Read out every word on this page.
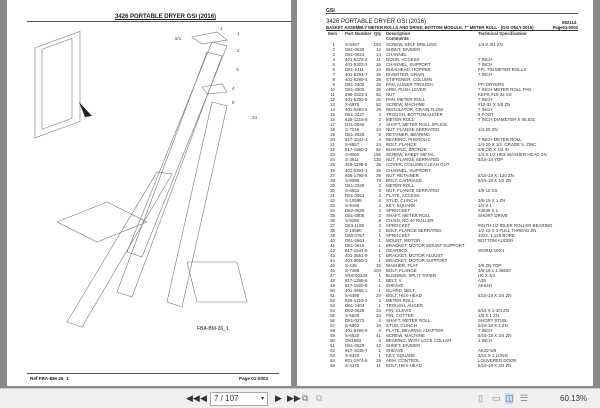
3426 PORTABLE DRYER GSI (2016)
1
1
2
3
4
5
6/1
24
FBA-BM-26_1
Ref FBA-BM-26_1	Page 01-0003
GSI
3426 PORTABLE DRYER GSI (2016)	692114
BASKET ASSEMBLY METER ROLLS AND DRIVE, BOTTOM MODULE, 7" METER ROLL - (GSI ONLY-2016)	Page01-0003
Item Part Number Qty Description	Technical Specification
Comments
1 S-6497	153 SCREW, SELF DRILLING	1/4 X 3/4 ZN
2 D61-0626	12 SHEET, DIVIDER
3 D61-0624	14 CHANNEL
4 401-5376-2	11 DOOR, ACCESS	7 INCH
5 401-5303-3	26 CHANNEL, SUPPORT	7 INCH
6 D61-2411	24 BULKHEAD, HOPPER	FFI, 7IN METER ROLLS
7 401-5294-7	26 DIVERTER, GRAIN	7 INCH
8 401-5289-4	26 STIFFENER, COLUMN
9 D61-2406	26 PAN, AUGER TROUGH	FFI DRYERS
10 D61-2605	26 ARM, PUSH LEVER	7 INCH METER ROLL PAN
11 898-1523-3	52 NUT	KEPS #10-32 SS
12 401-5292-8	26 PAN, METER ROLL	7 INCH
13 S-6975	52 SCREW, MACHINE	#10-32 X 3/8 ZN
14 401-5293-6	26 REGULATOR, GRAIN FLOW	7 INCH
15 D61-2427	2 TROUGH, BOTTOM AUGER	8 FOOT
16 825-1216-8	2 METER ROLL	7 INCH DIAMETER X 95.831
17 D31-0846	4 SHAFT, METER ROLL SPLICE
18 S-7215	24 NUT, FLANGE SERRATED	1/4-20 ZN
19 D61-2828	8 RETAINER, BEARING
20 817-1542-4	4 BEARING, PHENOLIC	7 INCH METER ROLL
21 S-8857	24 BOLT, FLANGE	1/4-20 X 1/2, GRADE 5, ZINC
22 817-1550-3	52 BUSHING, BRONZE	5/8 OD X 1/4 ID
23 S-8060	156 SCREW, SHEET METAL	1/4 X 1/2 HEX WASHER HEAD ZN
24 S-3611	130 NUT, FLANGE SERRATED	5/16-18 YDP
25 329-1196-8	26 COVER, COLUMN CLEAN OUT
26 401-5304-1	26 CHANNEL, SUPPORT
27 856-1795-6	26 NUT, RETAINER	5/16-18 X .120 ZN
28 S-9089	78 BOLT, CARRIAGE	5/16-18 X 1/2 ZN
29 D61-2349	2 METER ROLL
30 S-6632	8 NUT, FLANGE SERRATED	3/8-16 SS
31 D61-0953	2 PLATE, ACCESS
32 S-10598	8 STUD, CLINCH	3/8-16 X 1 ZN
33 S-9168	2 KEY, SQUARE	1/4 X 1
34 D62-0629	2 SPROCKET	#4036 X 1
35 D61-0806	2 SHAFT, METER ROLL	SHORT DRIVE
36 S-9250	8 CHAIN, NO 40 ROLLER
37 D63-1188	3 SPROCKET	#817H-1/2 IDLER ROLLER BEARING
38 S-10580	2 BOLT, FLANGE SERRATED	1/2-13 X 3 FULL THREAD ZN
39 D60-0767	1 SPROCKET	4022, 1.125 BORE
40 D61-0661	1 MOUNT, MOTOR	BOTTOM AUGER
41 D61-0616	1 BRACKET, MOTOR MOUNT SUPPORT
42 817-1544-6	1 GEARBOX	WORM 100:1
43 401-3661-9	1 BRACKET, MOTOR ADJUST
44 401-3659-3	1 BRACKET, MOTOR SUPPORT
45 S-248	32 WASHER, FLAT	3/8 ZN YDP
46 S-7485	204 BOLT, FLANGE	3/8-16 x 1 J6500
47 MHC00333	1 BUSHING, SPLIT TAPER	H0 X 3/4
48 817-1299-6	1 BELT, V	A35
49 817-1500-8	1 SHEAVE	AK64H
50 401-3655-1	1 GUARD, BELT
51 S-6495	24 BOLT, HEX-HEAD	5/16-18 X 3/4 ZN
52 825-1219-2	2 METER ROLL
53 D61-2404	1 TROUGH, AUGER
54 D02-0628	24 PIN, CLEVIS	5/16 X 1-3/4 ZN
55 S-6635	24 PIN, COTTER	1/8 X 1 ZN
56 D61-0272	2 SHAFT, METER ROLL	SHORT STUB
57 S-6962	16 STUD, CLINCH	5/16-18 X 1 ZN
58 401-5296-9	4 PLATE, BEARING ADAPTER	7 INCH
59 S-6620	41 SCREW, MACHINE	5/16-18 X 3/4 ZN
60 GK1583	4 BEARING, WITH LOCK COLLAR	1 INCH
61 D61-0625	12 SHEET, DIVIDER
62 817-1545-7	1 SHEAVE	AK22-5/8
63 S-8420	1 KEY, SQUARE	3/16 X 1 LONG
64 801-1974-6	26 ARM, CONTROL	LOUVERED DOOR
65 S-4275	11 BOLT, HEX-HEAD	5/16-18 X 3/4 ZN
◀◀ ◀ 7 / 107	▾ ▶ ▶▶ ⧉ ⧉	▯ ▭ ◫ ☰	60.13%
